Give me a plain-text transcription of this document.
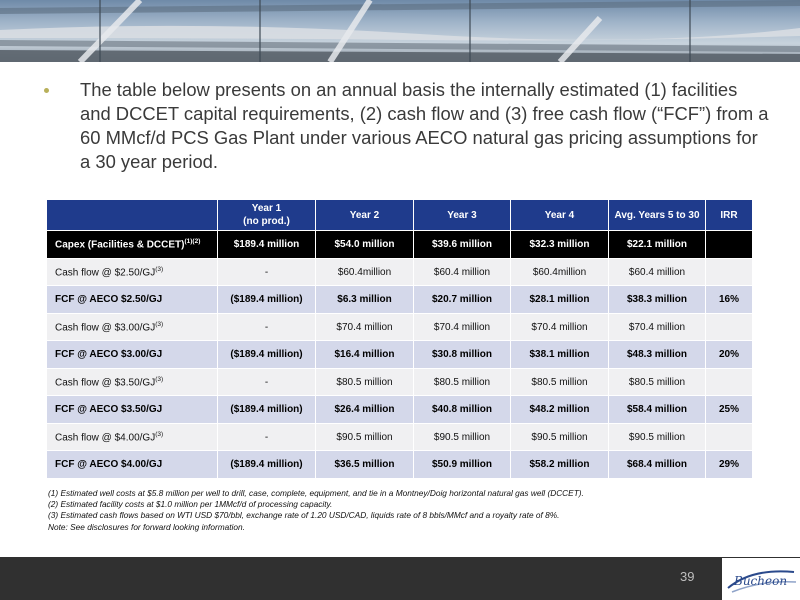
The table below presents on an annual basis the internally estimated (1) facilities and DCCET capital requirements, (2) cash flow and (3) free cash flow (“FCF”) from a 60 MMcf/d PCS Gas Plant under various AECO natural gas pricing assumptions for a 30 year period.
	Year 1
(no prod.)	Year 2	Year 3	Year 4	Avg. Years 5 to 30	IRR
Capex (Facilities & DCCET)$^{(1)(2)}$	$189.4 million	$54.0 million	$39.6 million	$32.3 million	$22.1 million	
Cash flow @ $2.50/GJ$^{(3)}$	-	$60.4million	$60.4 million	$60.4million	$60.4 million	
FCF @ AECO $2.50/GJ	($189.4 million)	$6.3 million	$20.7 million	$28.1 million	$38.3 million	16%
Cash flow @ $3.00/GJ$^{(3)}$	-	$70.4 million	$70.4 million	$70.4 million	$70.4 million	
FCF @ AECO $3.00/GJ	($189.4 million)	$16.4 million	$30.8 million	$38.1 million	$48.3 million	20%
Cash flow @ $3.50/GJ$^{(3)}$	-	$80.5 million	$80.5 million	$80.5 million	$80.5 million	
FCF @ AECO $3.50/GJ	($189.4 million)	$26.4 million	$40.8 million	$48.2 million	$58.4 million	25%
Cash flow @ $4.00/GJ$^{(3)}$	-	$90.5 million	$90.5 million	$90.5 million	$90.5 million	
FCF @ AECO $4.00/GJ	($189.4 million)	$36.5 million	$50.9 million	$58.2 million	$68.4 million	29%
(1) Estimated well costs at $5.8 million per well to drill, case, complete, equipment, and tie in a Montney/Doig horizontal natural gas well (DCCET).
(2) Estimated facility costs at $1.0 million per 1MMcf/d of processing capacity.
(3) Estimated cash flows based on WTI USD $70/bbl, exchange rate of 1.20 USD/CAD, liquids rate of 8 bbls/MMcf and a royalty rate of 8%.
Note: See disclosures for forward looking information.
39	Bucheon
